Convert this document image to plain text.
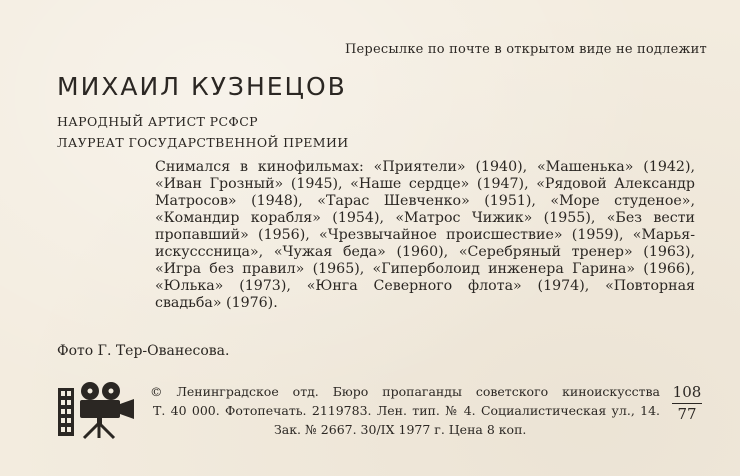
Пересылке по почте в открытом виде не подлежит
МИХАИЛ КУЗНЕЦОВ
НАРОДНЫЙ АРТИСТ РСФСР
ЛАУРЕАТ ГОСУДАРСТВЕННОЙ ПРЕМИИ

Снимался в кинофильмах: «Приятели» (1940), «Машенька» (1942),
«Иван Грозный» (1945), «Наше сердце» (1947), «Рядовой Александр
Матросов» (1948), «Тарас Шевченко» (1951), «Море студеное»,
«Командир корабля» (1954), «Матрос Чижик» (1955), «Без вести
пропавший» (1956), «Чрезвычайное происшествие» (1959), «Марья-
искусссница», «Чужая беда» (1960), «Серебряный тренер» (1963),
«Игра без правил» (1965), «Гиперболоид инженера Гарина» (1966),
«Юлька» (1973), «Юнга Северного флота» (1974), «Повторная
свадьба» (1976).

Фото Г. Тер-Ованесова.
© Ленинградское отд. Бюро пропаганды советского киноискусства
Т. 40 000. Фотопечать. 2119783. Лен. тип. № 4. Социалистическая ул., 14.
Зак. № 2667. 30/IX 1977 г. Цена 8 коп.
108
77
